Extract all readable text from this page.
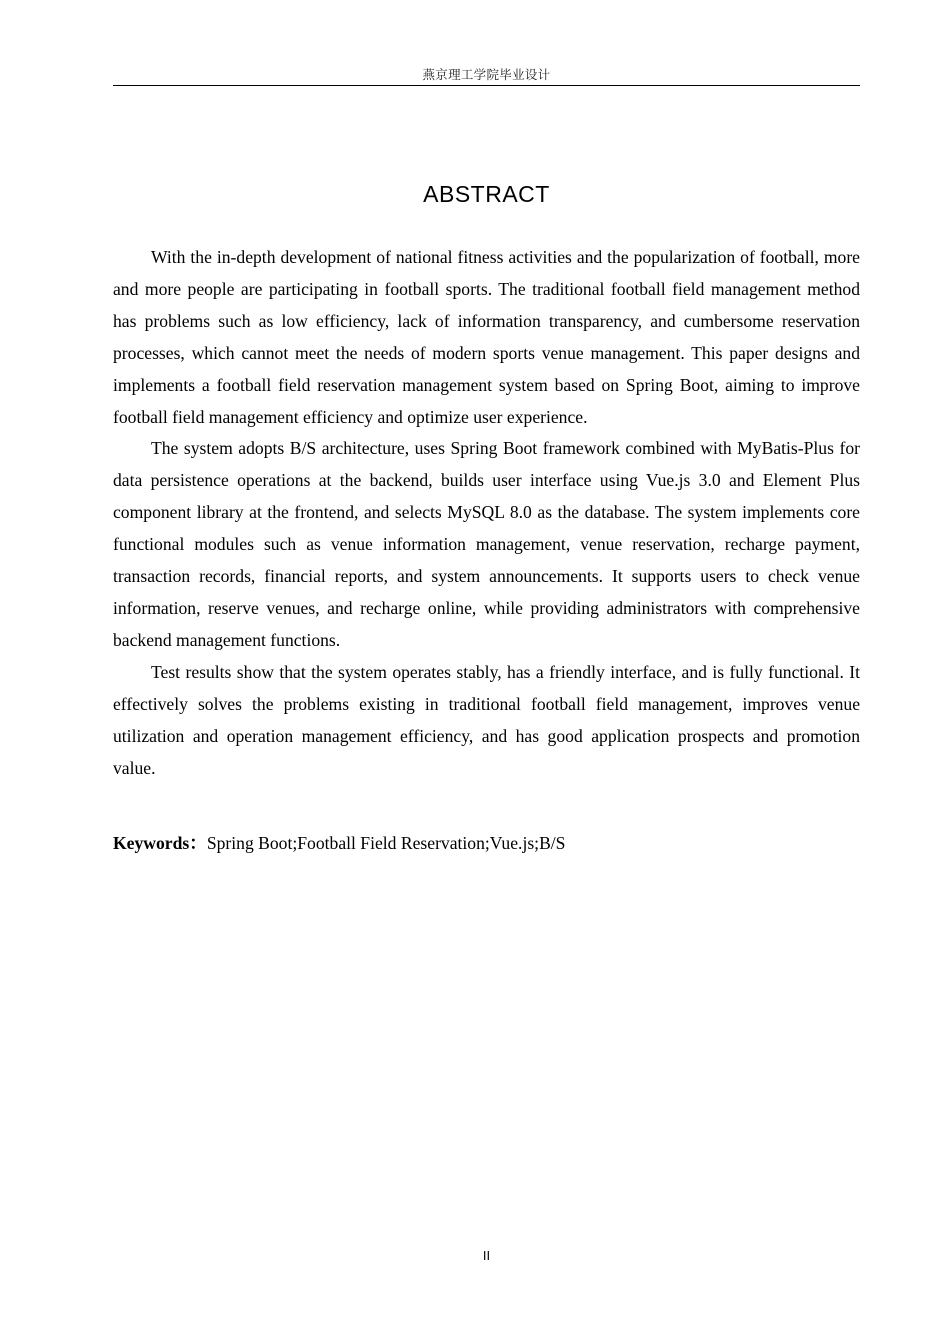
燕京理工学院毕业设计
ABSTRACT

With the in-depth development of national fitness activities and the popularization of football, more and more people are participating in football sports. The traditional football field management method has problems such as low efficiency, lack of information transparency, and cumbersome reservation processes, which cannot meet the needs of modern sports venue management. This paper designs and implements a football field reservation management system based on Spring Boot, aiming to improve football field management efficiency and optimize user experience.

The system adopts B/S architecture, uses Spring Boot framework combined with MyBatis-Plus for data persistence operations at the backend, builds user interface using Vue.js 3.0 and Element Plus component library at the frontend, and selects MySQL 8.0 as the database. The system implements core functional modules such as venue information management, venue reservation, recharge payment, transaction records, financial reports, and system announcements. It supports users to check venue information, reserve venues, and recharge online, while providing administrators with comprehensive backend management functions.

Test results show that the system operates stably, has a friendly interface, and is fully functional. It effectively solves the problems existing in traditional football field management, improves venue utilization and operation management efficiency, and has good application prospects and promotion value.

Keywords：Spring Boot;Football Field Reservation;Vue.js;B/S
II
